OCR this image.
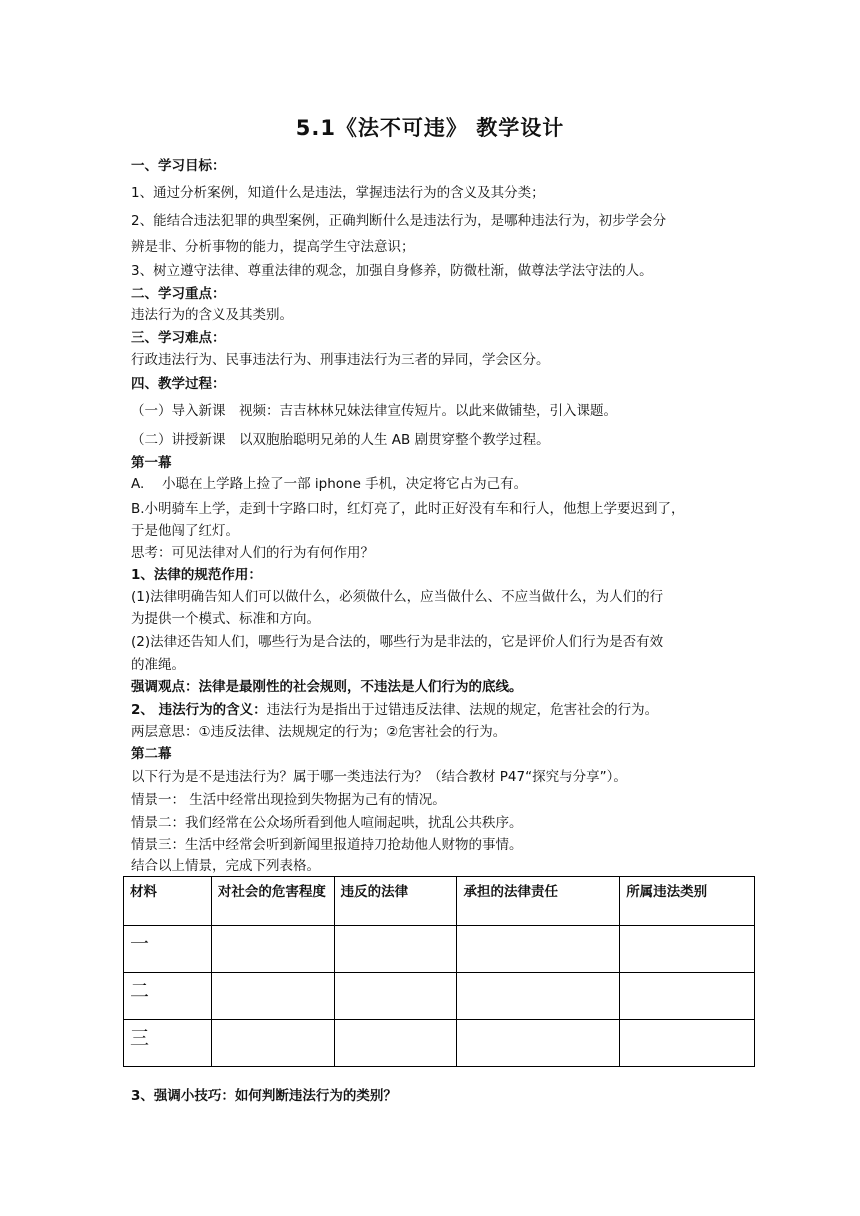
5.1《法不可违》 教学设计

一、学习目标：

1、通过分析案例，知道什么是违法，掌握违法行为的含义及其分类；

2、能结合违法犯罪的典型案例，正确判断什么是违法行为，是哪种违法行为，初步学会分

辨是非、分析事物的能力，提高学生守法意识；

3、树立遵守法律、尊重法律的观念，加强自身修养，防微杜渐，做尊法学法守法的人。

二、学习重点：

违法行为的含义及其类别。

三、学习难点：

行政违法行为、民事违法行为、刑事违法行为三者的异同，学会区分。

四、教学过程：

（一）导入新课　视频：吉吉林林兄妹法律宣传短片。以此来做铺垫，引入课题。

（二）讲授新课　以双胞胎聪明兄弟的人生 AB 剧贯穿整个教学过程。

第一幕

A.　 小聪在上学路上捡了一部 iphone 手机，决定将它占为己有。

B.小明骑车上学，走到十字路口时，红灯亮了，此时正好没有车和行人，他想上学要迟到了，

于是他闯了红灯。

思考：可见法律对人们的行为有何作用？

1、法律的规范作用：

(1)法律明确告知人们可以做什么，必须做什么，应当做什么、不应当做什么，为人们的行

为提供一个模式、标准和方向。

(2)法律还告知人们，哪些行为是合法的，哪些行为是非法的，它是评价人们行为是否有效

的准绳。

强调观点：法律是最刚性的社会规则，不违法是人们行为的底线。

2、 违法行为的含义：违法行为是指出于过错违反法律、法规的规定，危害社会的行为。

两层意思：①违反法律、法规规定的行为；②危害社会的行为。

第二幕

以下行为是不是违法行为？属于哪一类违法行为？（结合教材 P47“探究与分享”）。

情景一： 生活中经常出现捡到失物据为己有的情况。

情景二：我们经常在公众场所看到他人喧闹起哄，扰乱公共秩序。

情景三：生活中经常会听到新闻里报道持刀抢劫他人财物的事情。

结合以上情景，完成下列表格。

材料	对社会的危害程度	违反的法律	承担的法律责任	所属违法类别
一				
二				
三				

3、强调小技巧：如何判断违法行为的类别？
